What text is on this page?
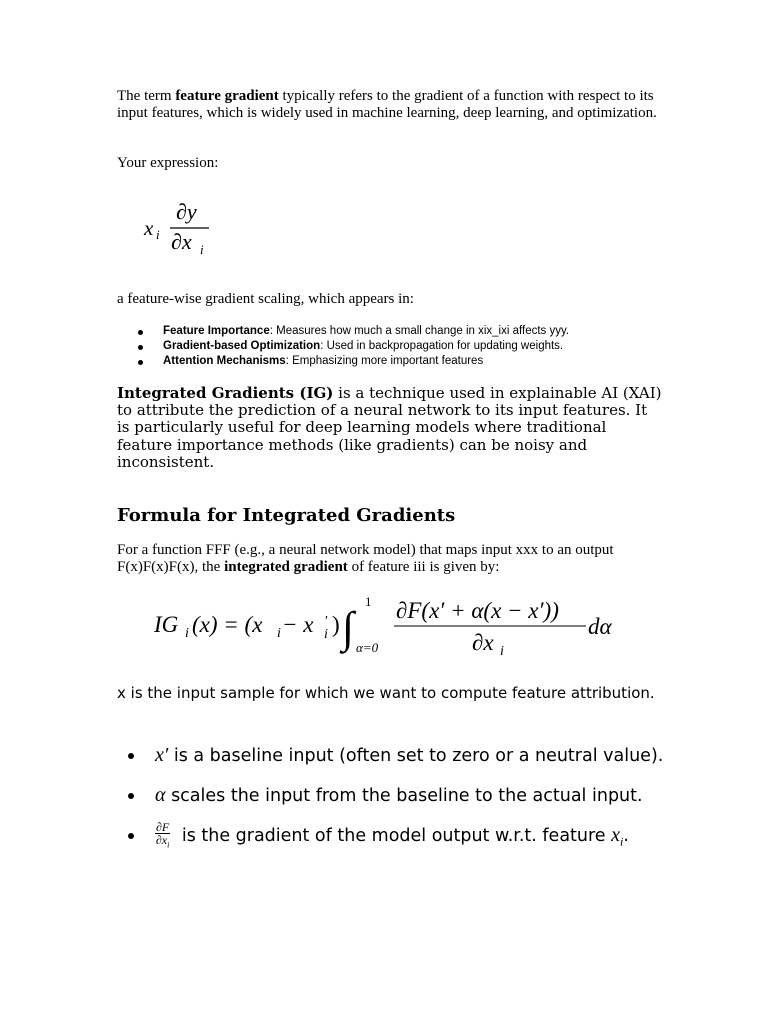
The term feature gradient typically refers to the gradient of a function with respect to its input features, which is widely used in machine learning, deep learning, and optimization.

Your expression:
x i
∂y
∂x i
a feature-wise gradient scaling, which appears in:
Feature Importance: Measures how much a small change in xix_ixi affects yyy.
Gradient-based Optimization: Used in backpropagation for updating weights.
Attention Mechanisms: Emphasizing more important features

Integrated Gradients (IG) is a technique used in explainable AI (XAI) to attribute the prediction of a neural network to its input features. It is particularly useful for deep learning models where traditional feature importance methods (like gradients) can be noisy and inconsistent.

Formula for Integrated Gradients

For a function FFF (e.g., a neural network model) that maps input xxx to an output F(x)F(x)F(x), the integrated gradient of feature iii is given by:

IG i (x) = (x i − x ′
i ) ∫
1
α=0
∂F(x′ + α(x − x′))
∂x i
dα

x is the input sample for which we want to compute feature attribution.

x′ is a baseline input (often set to zero or a neutral value).
α scales the input from the baseline to the actual input.
$\frac{\partial F}{\partial x_i}$ is the gradient of the model output w.r.t. feature $x_i$.
